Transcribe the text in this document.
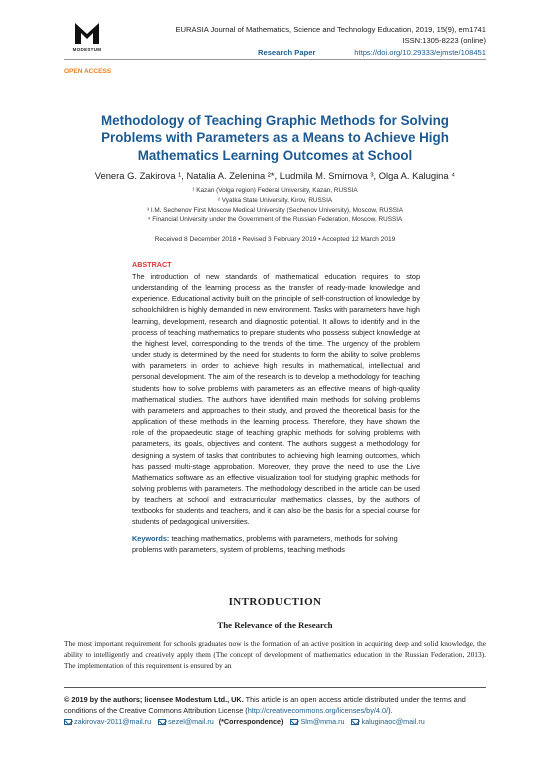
MODESTUM
OPEN ACCESS
EURASIA Journal of Mathematics, Science and Technology Education, 2019, 15(9), em1741
ISSN:1305-8223 (online)
Research Paper	https://doi.org/10.29333/ejmste/108451
Methodology of Teaching Graphic Methods for Solving Problems with Parameters as a Means to Achieve High Mathematics Learning Outcomes at School
Venera G. Zakirova ¹, Natalia A. Zelenina ²*, Ludmila M. Smirnova ³, Olga A. Kalugina ⁴
¹ Kazan (Volga region) Federal University, Kazan, RUSSIA
² Vyatka State University, Kirov, RUSSIA
³ I.M. Sechenov First Moscow Medical University (Sechenov University), Moscow, RUSSIA
⁴ Financial University under the Government of the Russian Federation, Moscow, RUSSIA
Received 8 December 2018 ▪ Revised 3 February 2019 ▪ Accepted 12 March 2019
ABSTRACT

The introduction of new standards of mathematical education requires to stop understanding of the learning process as the transfer of ready-made knowledge and experience. Educational activity built on the principle of self-construction of knowledge by schoolchildren is highly demanded in new environment. Tasks with parameters have high learning, development, research and diagnostic potential. It allows to identify and in the process of teaching mathematics to prepare students who possess subject knowledge at the highest level, corresponding to the trends of the time. The urgency of the problem under study is determined by the need for students to form the ability to solve problems with parameters in order to achieve high results in mathematical, intellectual and personal development. The aim of the research is to develop a methodology for teaching students how to solve problems with parameters as an effective means of high-quality mathematical studies. The authors have identified main methods for solving problems with parameters and approaches to their study, and proved the theoretical basis for the application of these methods in the learning process. Therefore, they have shown the role of the propaedeutic stage of teaching graphic methods for solving problems with parameters, its goals, objectives and content. The authors suggest a methodology for designing a system of tasks that contributes to achieving high learning outcomes, which has passed multi-stage approbation. Moreover, they prove the need to use the Live Mathematics software as an effective visualization tool for studying graphic methods for solving problems with parameters. The methodology described in the article can be used by teachers at school and extracurricular mathematics classes, by the authors of textbooks for students and teachers, and it can also be the basis for a special course for students of pedagogical universities.

Keywords: teaching mathematics, problems with parameters, methods for solving problems with parameters, system of problems, teaching methods

INTRODUCTION
The Relevance of the Research

The most important requirement for schools graduates now is the formation of an active position in acquiring deep and solid knowledge, the ability to intelligently and creatively apply them (The concept of development of mathematics education in the Russian Federation, 2013). The implementation of this requirement is ensured by an

© 2019 by the authors; licensee Modestum Ltd., UK. This article is an open access article distributed under the terms and conditions of the Creative Commons Attribution License (http://creativecommons.org/licenses/by/4.0/).
zakirovav-2011@mail.ru sezel@mail.ru (*Correspondence) Slm@mma.ru kaluginaoc@mail.ru
